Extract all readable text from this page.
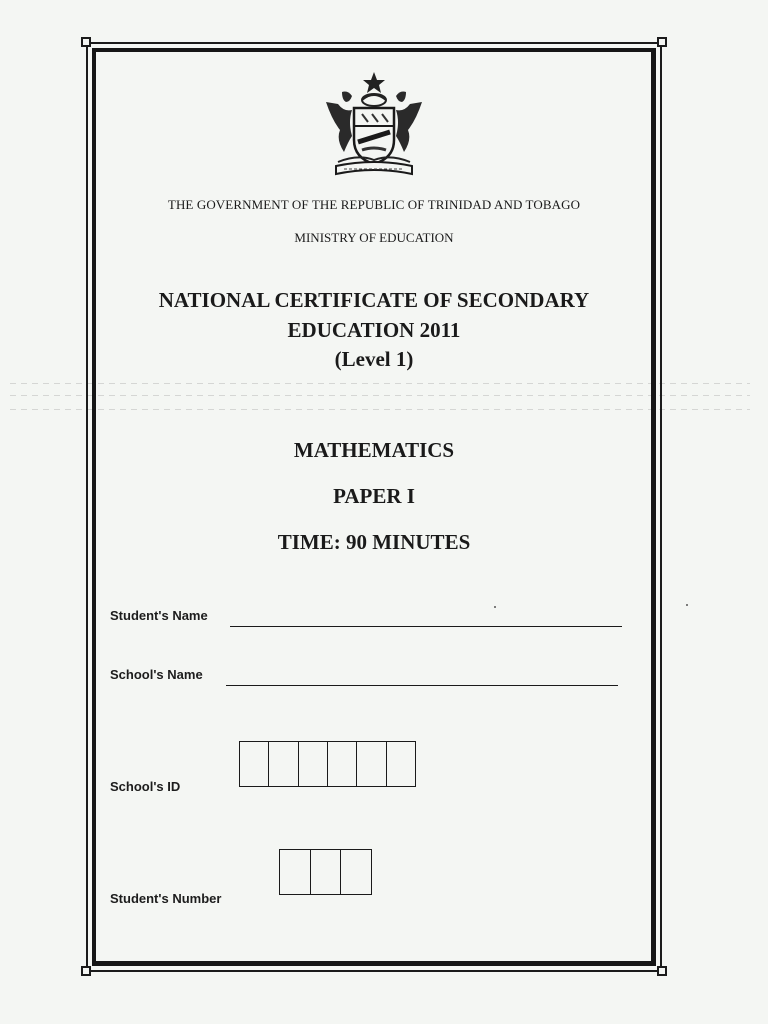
THE GOVERNMENT OF THE REPUBLIC OF TRINIDAD AND TOBAGO
MINISTRY OF EDUCATION
NATIONAL CERTIFICATE OF SECONDARY
EDUCATION 2011
(Level 1)
MATHEMATICS
PAPER I
TIME: 90 MINUTES
Student's Name
School's Name
School's ID
Student's Number
